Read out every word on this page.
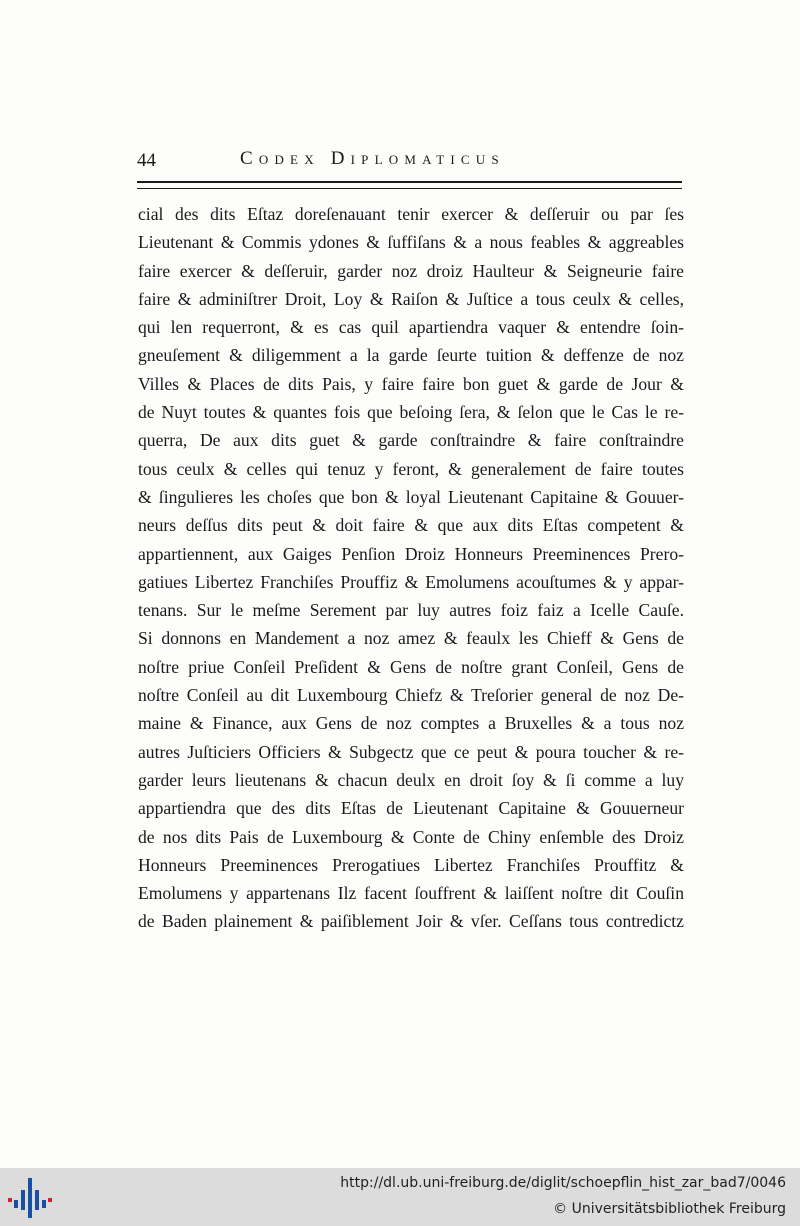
44	Codex Diplomaticus
cial des dits Eſtaz doreſenauant tenir exercer & deſſeruir ou par ſes
Lieutenant & Commis ydones & ſuffiſans & a nous feables & aggreables
faire exercer & deſſeruir, garder noz droiz Haulteur & Seigneurie faire
faire & adminiſtrer Droit, Loy & Raiſon & Juſtice a tous ceulx & celles,
qui len requerront, & es cas quil apartiendra vaquer & entendre ſoin-
gneuſement & diligemment a la garde ſeurte tuition & deffenze de noz
Villes & Places de dits Pais, y faire faire bon guet & garde de Jour &
de Nuyt toutes & quantes fois que beſoing ſera, & ſelon que le Cas le re-
querra, De aux dits guet & garde conſtraindre & faire conſtraindre
tous ceulx & celles qui tenuz y feront, & generalement de faire toutes
& ſingulieres les choſes que bon & loyal Lieutenant Capitaine & Gouuer-
neurs deſſus dits peut & doit faire & que aux dits Eſtas competent &
appartiennent, aux Gaiges Penſion Droiz Honneurs Preeminences Prero-
gatiues Libertez Franchiſes Prouffiz & Emolumens acouſtumes & y appar-
tenans. Sur le meſme Serement par luy autres foiz faiz a Icelle Cauſe.
Si donnons en Mandement a noz amez & feaulx les Chieff & Gens de
noſtre priue Conſeil Preſident & Gens de noſtre grant Conſeil, Gens de
noſtre Conſeil au dit Luxembourg Chiefz & Treſorier general de noz De-
maine & Finance, aux Gens de noz comptes a Bruxelles & a tous noz
autres Juſticiers Officiers & Subgectz que ce peut & poura toucher & re-
garder leurs lieutenans & chacun deulx en droit ſoy & ſi comme a luy
appartiendra que des dits Eſtas de Lieutenant Capitaine & Gouuerneur
de nos dits Pais de Luxembourg & Conte de Chiny enſemble des Droiz
Honneurs Preeminences Prerogatiues Libertez Franchiſes Prouffitz &
Emolumens y appartenans Ilz facent ſouffrent & laiſſent noſtre dit Couſin
de Baden plainement & paiſiblement Joir & vſer. Ceſſans tous contredictz
http://dl.ub.uni-freiburg.de/diglit/schoepflin_hist_zar_bad7/0046
© Universitätsbibliothek Freiburg
